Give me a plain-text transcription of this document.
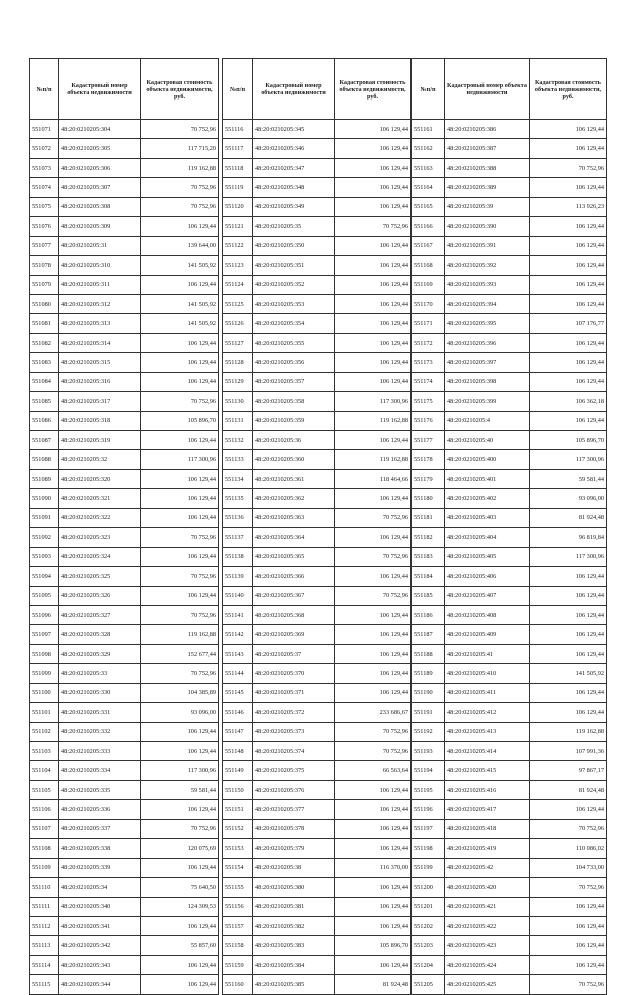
№п/п	Кадастровый номер объекта недвижимости	Кадастровая стоимость объекта недвижимости, руб.
551071	48:20:0210205:304	70 752,96
551072	48:20:0210205:305	117 715,20
551073	48:20:0210205:306	119 162,88
551074	48:20:0210205:307	70 752,96
551075	48:20:0210205:308	70 752,96
551076	48:20:0210205:309	106 129,44
551077	48:20:0210205:31	139 644,00
551078	48:20:0210205:310	141 505,92
551079	48:20:0210205:311	106 129,44
551080	48:20:0210205:312	141 505,92
551081	48:20:0210205:313	141 505,92
551082	48:20:0210205:314	106 129,44
551083	48:20:0210205:315	106 129,44
551084	48:20:0210205:316	106 129,44
551085	48:20:0210205:317	70 752,96
551086	48:20:0210205:318	105 896,70
551087	48:20:0210205:319	106 129,44
551088	48:20:0210205:32	117 300,96
551089	48:20:0210205:320	106 129,44
551090	48:20:0210205:321	106 129,44
551091	48:20:0210205:322	106 129,44
551092	48:20:0210205:323	70 752,96
551093	48:20:0210205:324	106 129,44
551094	48:20:0210205:325	70 752,96
551095	48:20:0210205:326	106 129,44
551096	48:20:0210205:327	70 752,96
551097	48:20:0210205:328	119 162,88
551098	48:20:0210205:329	152 677,44
551099	48:20:0210205:33	70 752,96
551100	48:20:0210205:330	104 385,89
551101	48:20:0210205:331	93 096,00
551102	48:20:0210205:332	106 129,44
551103	48:20:0210205:333	106 129,44
551104	48:20:0210205:334	117 300,96
551105	48:20:0210205:335	59 581,44
551106	48:20:0210205:336	106 129,44
551107	48:20:0210205:337	70 752,96
551108	48:20:0210205:338	120 075,69
551109	48:20:0210205:339	106 129,44
551110	48:20:0210205:34	75 640,50
551111	48:20:0210205:340	124 309,53
551112	48:20:0210205:341	106 129,44
551113	48:20:0210205:342	55 857,60
551114	48:20:0210205:343	106 129,44
551115	48:20:0210205:344	106 129,44
№п/п	Кадастровый номер объекта недвижимости	Кадастровая стоимость объекта недвижимости, руб.
551116	48:20:0210205:345	106 129,44
551117	48:20:0210205:346	106 129,44
551118	48:20:0210205:347	106 129,44
551119	48:20:0210205:348	106 129,44
551120	48:20:0210205:349	106 129,44
551121	48:20:0210205:35	70 752,96
551122	48:20:0210205:350	106 129,44
551123	48:20:0210205:351	106 129,44
551124	48:20:0210205:352	106 129,44
551125	48:20:0210205:353	106 129,44
551126	48:20:0210205:354	106 129,44
551127	48:20:0210205:355	106 129,44
551128	48:20:0210205:356	106 129,44
551129	48:20:0210205:357	106 129,44
551130	48:20:0210205:358	117 300,96
551131	48:20:0210205:359	119 162,88
551132	48:20:0210205:36	106 129,44
551133	48:20:0210205:360	119 162,88
551134	48:20:0210205:361	118 464,66
551135	48:20:0210205:362	106 129,44
551136	48:20:0210205:363	70 752,96
551137	48:20:0210205:364	106 129,44
551138	48:20:0210205:365	70 752,96
551139	48:20:0210205:366	106 129,44
551140	48:20:0210205:367	70 752,96
551141	48:20:0210205:368	106 129,44
551142	48:20:0210205:369	106 129,44
551143	48:20:0210205:37	106 129,44
551144	48:20:0210205:370	106 129,44
551145	48:20:0210205:371	106 129,44
551146	48:20:0210205:372	233 686,67
551147	48:20:0210205:373	70 752,96
551148	48:20:0210205:374	70 752,96
551149	48:20:0210205:375	66 563,64
551150	48:20:0210205:376	106 129,44
551151	48:20:0210205:377	106 129,44
551152	48:20:0210205:378	106 129,44
551153	48:20:0210205:379	106 129,44
551154	48:20:0210205:38	116 370,00
551155	48:20:0210205:380	106 129,44
551156	48:20:0210205:381	106 129,44
551157	48:20:0210205:382	106 129,44
551158	48:20:0210205:383	105 896,70
551159	48:20:0210205:384	106 129,44
551160	48:20:0210205:385	81 924,48
№п/п	Кадастровый номер объекта недвижимости	Кадастровая стоимость объекта недвижимости, руб.
551161	48:20:0210205:386	106 129,44
551162	48:20:0210205:387	106 129,44
551163	48:20:0210205:388	70 752,96
551164	48:20:0210205:389	106 129,44
551165	48:20:0210205:39	113 926,23
551166	48:20:0210205:390	106 129,44
551167	48:20:0210205:391	106 129,44
551168	48:20:0210205:392	106 129,44
551169	48:20:0210205:393	106 129,44
551170	48:20:0210205:394	106 129,44
551171	48:20:0210205:395	107 176,77
551172	48:20:0210205:396	106 129,44
551173	48:20:0210205:397	106 129,44
551174	48:20:0210205:398	106 129,44
551175	48:20:0210205:399	106 362,18
551176	48:20:0210205:4	106 129,44
551177	48:20:0210205:40	105 896,70
551178	48:20:0210205:400	117 300,96
551179	48:20:0210205:401	59 581,44
551180	48:20:0210205:402	93 096,00
551181	48:20:0210205:403	81 924,48
551182	48:20:0210205:404	96 819,84
551183	48:20:0210205:405	117 300,96
551184	48:20:0210205:406	106 129,44
551185	48:20:0210205:407	106 129,44
551186	48:20:0210205:408	106 129,44
551187	48:20:0210205:409	106 129,44
551188	48:20:0210205:41	106 129,44
551189	48:20:0210205:410	141 505,92
551190	48:20:0210205:411	106 129,44
551191	48:20:0210205:412	106 129,44
551192	48:20:0210205:413	119 162,88
551193	48:20:0210205:414	107 991,36
551194	48:20:0210205:415	97 867,17
551195	48:20:0210205:416	81 924,48
551196	48:20:0210205:417	106 129,44
551197	48:20:0210205:418	70 752,96
551198	48:20:0210205:419	110 086,02
551199	48:20:0210205:42	104 733,00
551200	48:20:0210205:420	70 752,96
551201	48:20:0210205:421	106 129,44
551202	48:20:0210205:422	106 129,44
551203	48:20:0210205:423	106 129,44
551204	48:20:0210205:424	106 129,44
551205	48:20:0210205:425	70 752,96
